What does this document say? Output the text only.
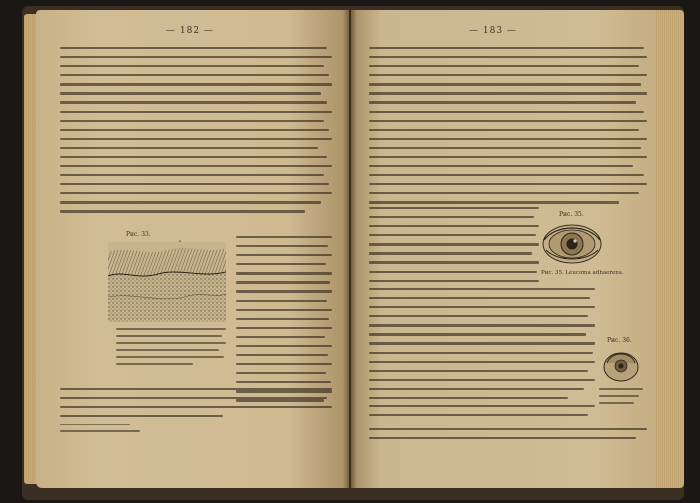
— 182 —
Рис. 33.
— 183 —
Рис. 35.
Рис. 35. Leucoma adhaerens.
Рис. 36.
